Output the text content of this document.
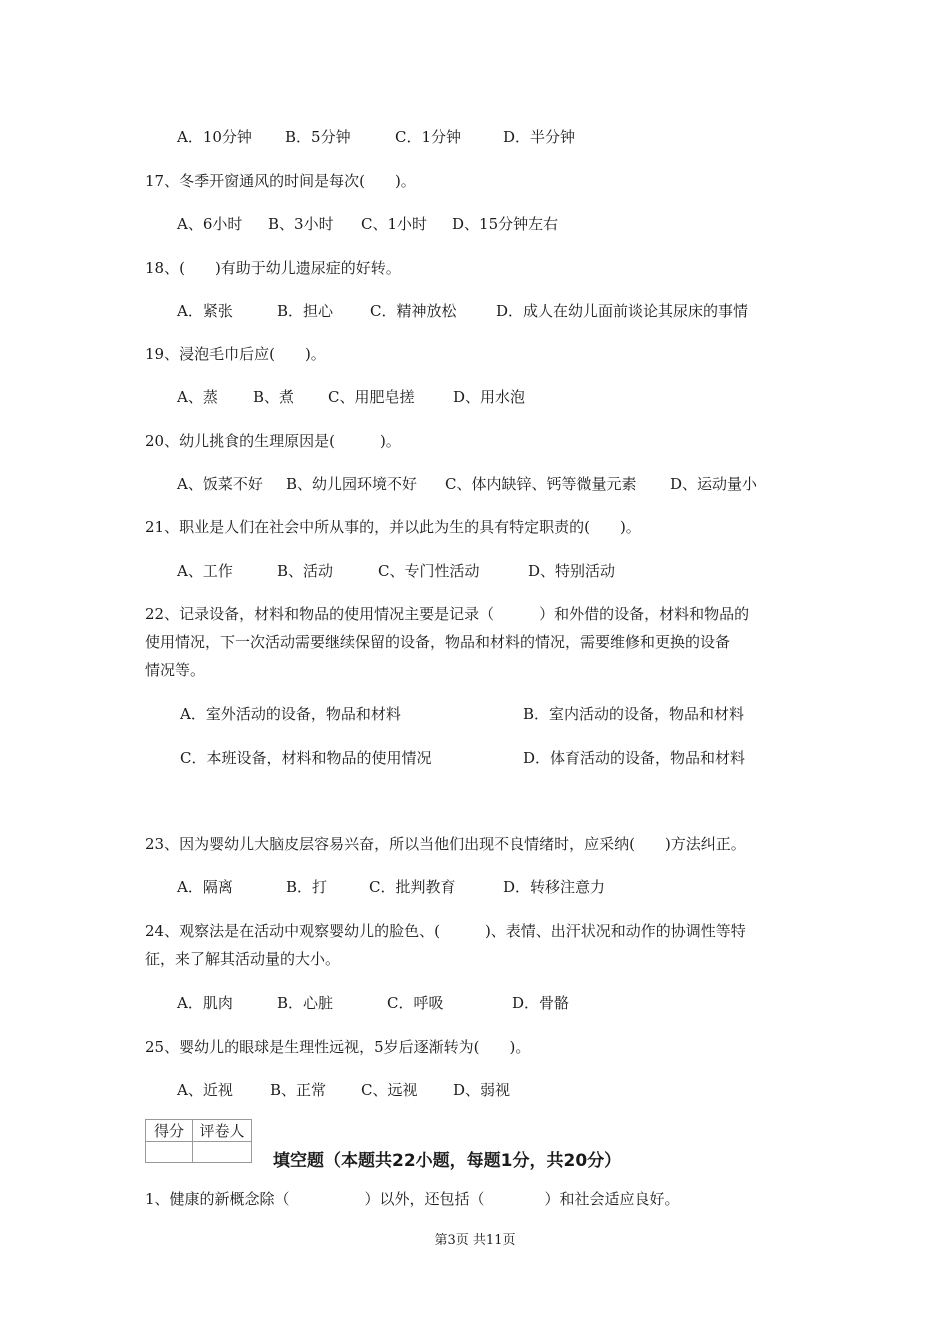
A．10分钟 B．5分钟	C．1分钟	D．半分钟
17、冬季开窗通风的时间是每次(　　)。
A、6小时 B、3小时 C、1小时 D、15分钟左右
18、(　　)有助于幼儿遗尿症的好转。
A．紧张	B．担心 C．精神放松	D．成人在幼儿面前谈论其尿床的事情
19、浸泡毛巾后应(　　)。
A、蒸 B、煮 C、用肥皂搓	D、用水泡
20、幼儿挑食的生理原因是(　　　)。
A、饭菜不好 B、幼儿园环境不好 C、体内缺锌、钙等微量元素 D、运动量小
21、职业是人们在社会中所从事的，并以此为生的具有特定职责的(　　)。
A、工作	B、活动	C、专门性活动	D、特别活动
22、记录设备，材料和物品的使用情况主要是记录（　　　）和外借的设备，材料和物品的
使用情况，下一次活动需要继续保留的设备，物品和材料的情况，需要维修和更换的设备
情况等。
A．室外活动的设备，物品和材料	B．室内活动的设备，物品和材料
C．本班设备，材料和物品的使用情况	D．体育活动的设备，物品和材料
23、因为婴幼儿大脑皮层容易兴奋，所以当他们出现不良情绪时，应采纳(　　)方法纠正。
A．隔离	B．打	C．批判教育	D．转移注意力
24、观察法是在活动中观察婴幼儿的脸色、(　　　)、表情、出汗状况和动作的协调性等特
征，来了解其活动量的大小。
A．肌肉	B．心脏	C．呼吸	D．骨骼
25、婴幼儿的眼球是生理性远视，5岁后逐渐转为(　　)。
A、近视 B、正常 C、远视 D、弱视
得分	评卷人

填空题（本题共22小题，每题1分，共20分）
1、健康的新概念除（　　　　　）以外，还包括（　　　　）和社会适应良好。
第3页 共11页
